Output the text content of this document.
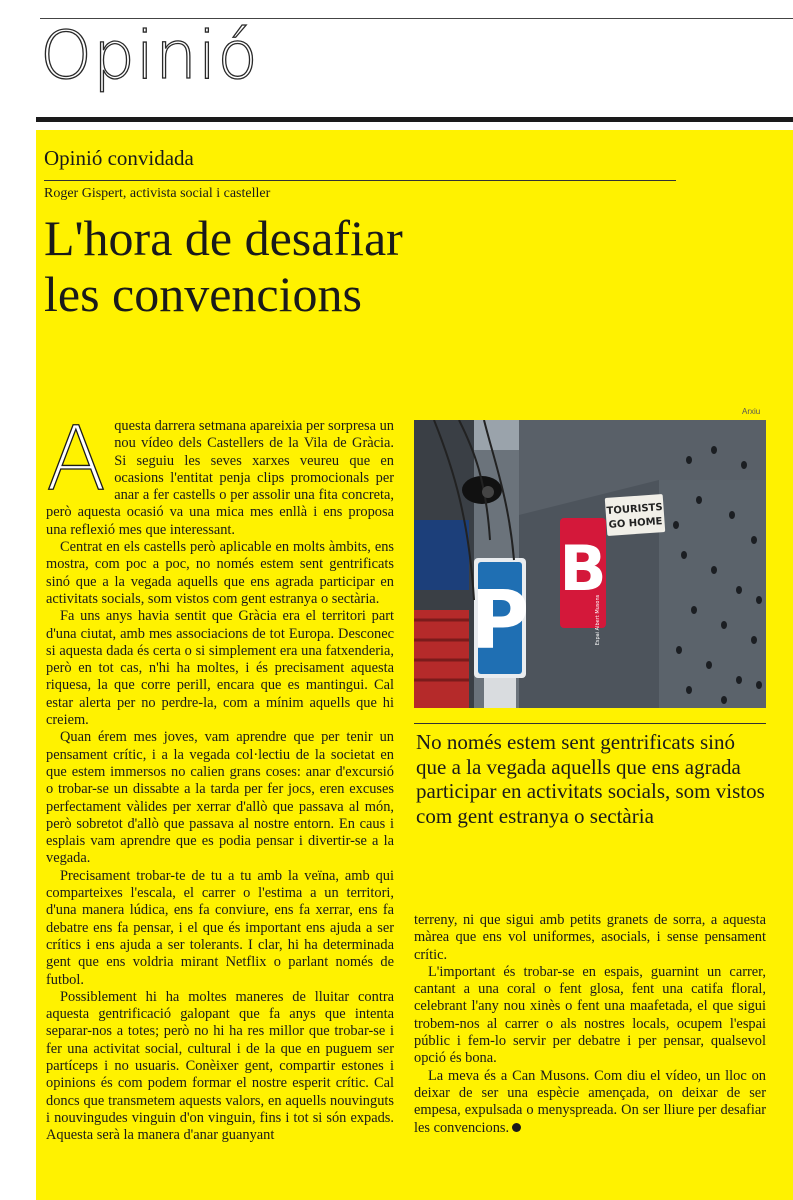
Opinió
Opinió convidada
Roger Gispert, activista social i casteller
L'hora de desafiar
les convencions

Aquesta darrera setmana apareixia per sorpresa un nou vídeo dels Castellers de la Vila de Gràcia. Si seguiu les seves xarxes veureu que en ocasions l'entitat penja clips promocionals per anar a fer castells o per assolir una fita concreta, però aquesta ocasió va una mica mes enllà i ens proposa una reflexió mes que interessant.

Centrat en els castells però aplicable en molts àmbits, ens mostra, com poc a poc, no només estem sent gentrificats sinó que a la vegada aquells que ens agrada participar en activitats socials, som vistos com gent estranya o sectària.

Fa uns anys havia sentit que Gràcia era el territori part d'una ciutat, amb mes associacions de tot Europa. Desconec si aquesta dada és certa o si simplement era una fatxenderia, però en tot cas, n'hi ha moltes, i és precisament aquesta riquesa, la que corre perill, encara que es mantingui. Cal estar alerta per no perdre-la, com a mínim aquells que hi creiem.

Quan érem mes joves, vam aprendre que per tenir un pensament crític, i a la vegada col·lectiu de la societat en que estem immersos no calien grans coses: anar d'excursió o trobar-se un dissabte a la tarda per fer jocs, eren excuses perfectament vàlides per xerrar d'allò que passava al món, però sobretot d'allò que passava al nostre entorn. En caus i esplais vam aprendre que es podia pensar i divertir-se a la vegada.

Precisament trobar-te de tu a tu amb la veïna, amb qui comparteixes l'escala, el carrer o l'estima a un territori, d'una manera lúdica, ens fa conviure, ens fa xerrar, ens fa debatre ens fa pensar, i el que és important ens ajuda a ser crítics i ens ajuda a ser tolerants. I clar, hi ha determinada gent que ens voldria mirant Netflix o parlant només de futbol.

Possiblement hi ha moltes maneres de lluitar contra aquesta gentrificació galopant que fa anys que intenta separar-nos a totes; però no hi ha res millor que trobar-se i fer una activitat social, cultural i de la que en puguem ser partíceps i no usuaris. Conèixer gent, compartir estones i opinions és com podem formar el nostre esperit crític. Cal doncs que transmetem aquests valors, en aquells nouvinguts i nouvingudes vinguin d'on vinguin, fins i tot si són expads. Aquesta serà la manera d'anar guanyant

Arxiu
B
Espai Albert Musons
TOURISTS
GO HOME
P
No només estem sent gentrificats sinó que a la vegada aquells que ens agrada participar en activitats socials, som vistos com gent estranya o sectària

terreny, ni que sigui amb petits granets de sorra, a aquesta màrea que ens vol uniformes, asocials, i sense pensament crític.

L'important és trobar-se en espais, guarnint un carrer, cantant a una coral o fent glosa, fent una catifa floral, celebrant l'any nou xinès o fent una maafetada, el que sigui trobem-nos al carrer o als nostres locals, ocupem l'espai públic i fem-lo servir per debatre i per pensar, qualsevol opció és bona.

La meva és a Can Musons. Com diu el vídeo, un lloc on deixar de ser una espècie amençada, on deixar de ser empesa, expulsada o menyspreada. On ser lliure per desafiar les convencions.
